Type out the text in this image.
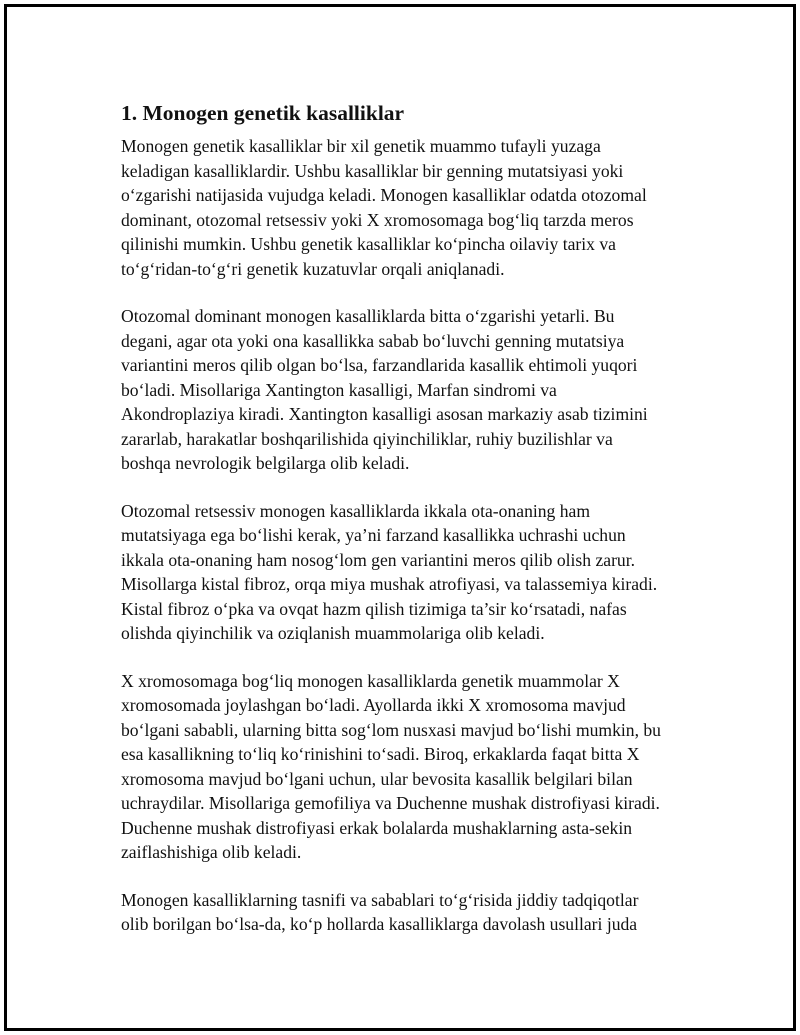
1. Monogen genetik kasalliklar
Monogen genetik kasalliklar bir xil genetik muammo tufayli yuzaga
keladigan kasalliklardir. Ushbu kasalliklar bir genning mutatsiyasi yoki
o‘zgarishi natijasida vujudga keladi. Monogen kasalliklar odatda otozomal
dominant, otozomal retsessiv yoki X xromosomaga bog‘liq tarzda meros
qilinishi mumkin. Ushbu genetik kasalliklar ko‘pincha oilaviy tarix va
to‘g‘ridan-to‘g‘ri genetik kuzatuvlar orqali aniqlanadi.
Otozomal dominant monogen kasalliklarda bitta o‘zgarishi yetarli. Bu
degani, agar ota yoki ona kasallikka sabab bo‘luvchi genning mutatsiya
variantini meros qilib olgan bo‘lsa, farzandlarida kasallik ehtimoli yuqori
bo‘ladi. Misollariga Xantington kasalligi, Marfan sindromi va
Akondroplaziya kiradi. Xantington kasalligi asosan markaziy asab tizimini
zararlab, harakatlar boshqarilishida qiyinchiliklar, ruhiy buzilishlar va
boshqa nevrologik belgilarga olib keladi.
Otozomal retsessiv monogen kasalliklarda ikkala ota-onaning ham
mutatsiyaga ega bo‘lishi kerak, ya’ni farzand kasallikka uchrashi uchun
ikkala ota-onaning ham nosog‘lom gen variantini meros qilib olish zarur.
Misollarga kistal fibroz, orqa miya mushak atrofiyasi, va talassemiya kiradi.
Kistal fibroz o‘pka va ovqat hazm qilish tizimiga ta’sir ko‘rsatadi, nafas
olishda qiyinchilik va oziqlanish muammolariga olib keladi.
X xromosomaga bog‘liq monogen kasalliklarda genetik muammolar X
xromosomada joylashgan bo‘ladi. Ayollarda ikki X xromosoma mavjud
bo‘lgani sababli, ularning bitta sog‘lom nusxasi mavjud bo‘lishi mumkin, bu
esa kasallikning to‘liq ko‘rinishini to‘sadi. Biroq, erkaklarda faqat bitta X
xromosoma mavjud bo‘lgani uchun, ular bevosita kasallik belgilari bilan
uchraydilar. Misollariga gemofiliya va Duchenne mushak distrofiyasi kiradi.
Duchenne mushak distrofiyasi erkak bolalarda mushaklarning asta-sekin
zaiflashishiga olib keladi.
Monogen kasalliklarning tasnifi va sabablari to‘g‘risida jiddiy tadqiqotlar
olib borilgan bo‘lsa-da, ko‘p hollarda kasalliklarga davolash usullari juda
